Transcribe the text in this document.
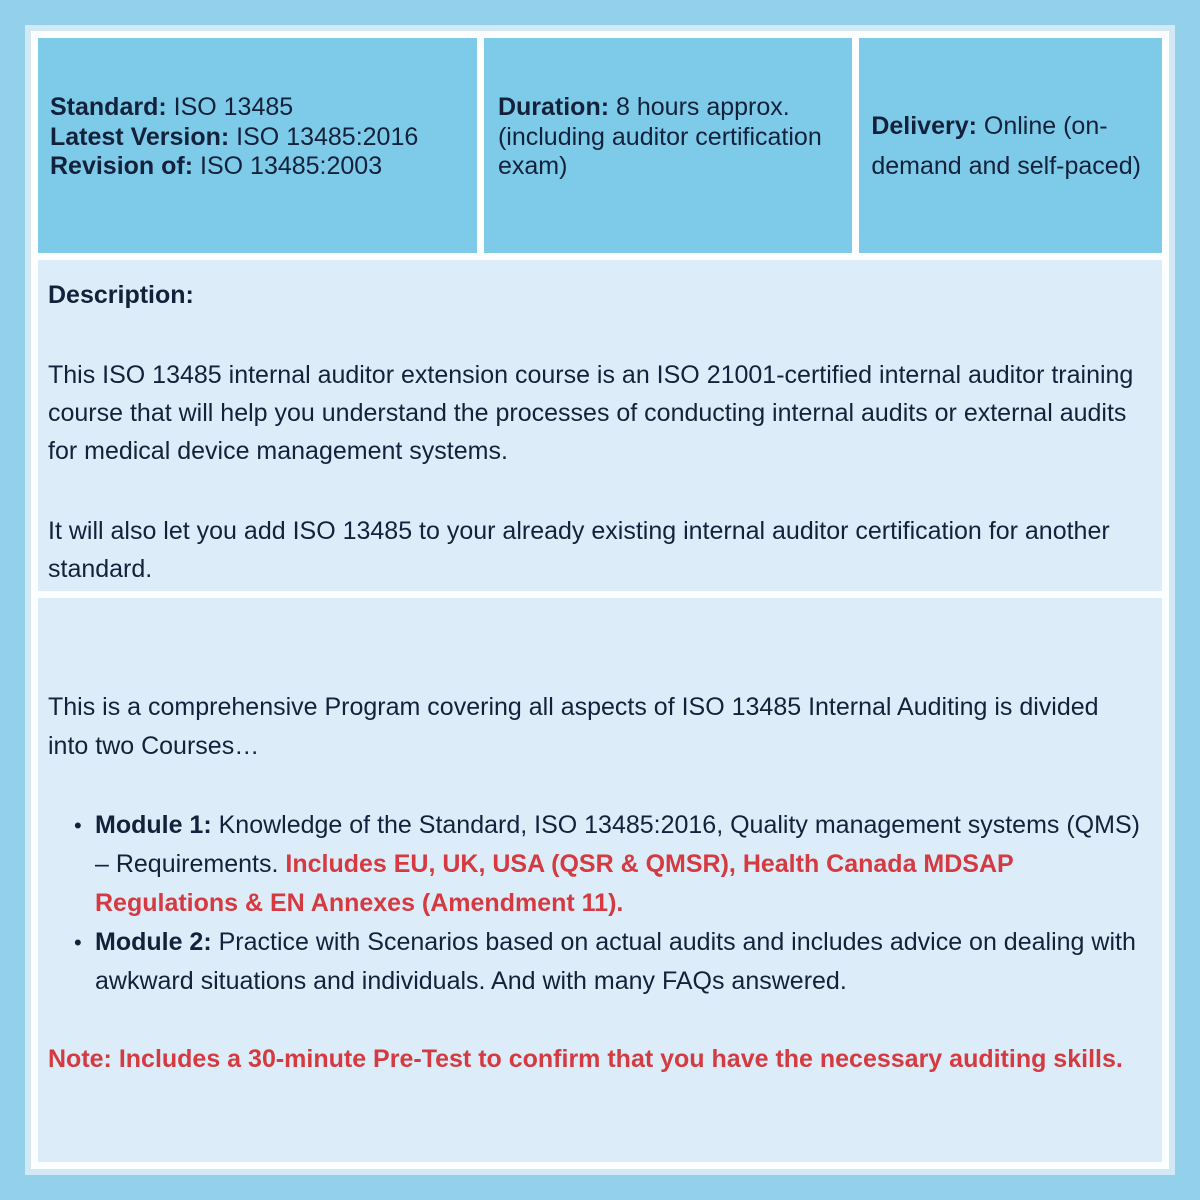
Standard: ISO 13485
Latest Version: ISO 13485:2016
Revision of: ISO 13485:2003
Duration: 8 hours approx. (including auditor certification exam)
Delivery: Online (on-demand and self-paced)
Description:

This ISO 13485 internal auditor extension course is an ISO 21001-certified internal auditor training course that will help you understand the processes of conducting internal audits or external audits for medical device management systems.

It will also let you add ISO 13485 to your already existing internal auditor certification for another standard.

This is a comprehensive Program covering all aspects of ISO 13485 Internal Auditing is divided into two Courses…

• Module 1: Knowledge of the Standard, ISO 13485:2016, Quality management systems (QMS) – Requirements. Includes EU, UK, USA (QSR & QMSR), Health Canada MDSAP Regulations & EN Annexes (Amendment 11).
• Module 2: Practice with Scenarios based on actual audits and includes advice on dealing with awkward situations and individuals. And with many FAQs answered.

Note: Includes a 30-minute Pre-Test to confirm that you have the necessary auditing skills.
